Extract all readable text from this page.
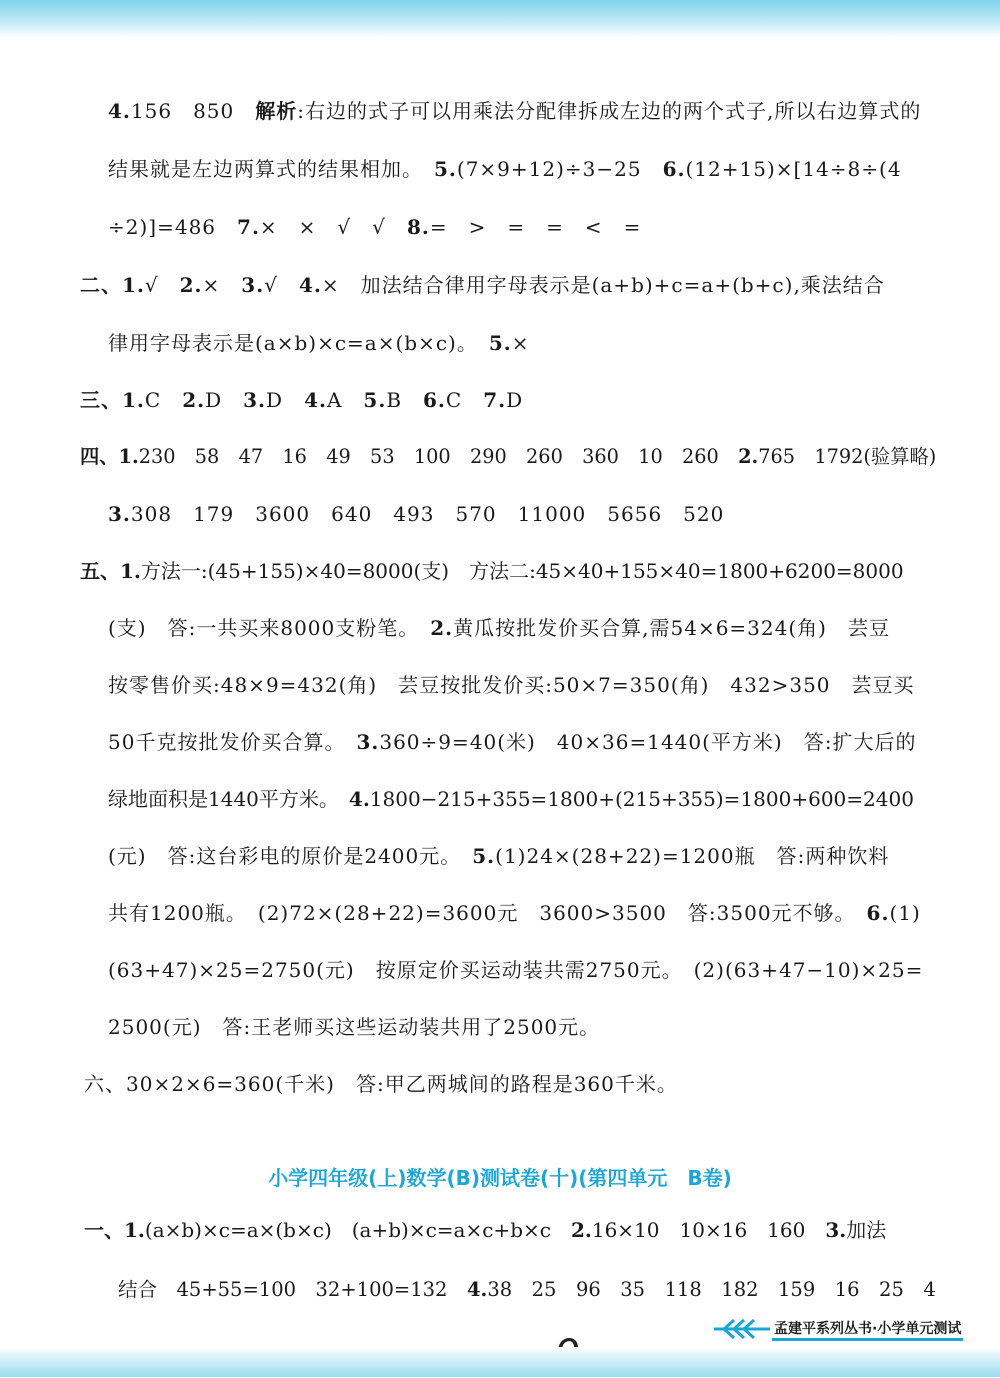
小学四年级(上)数学(B)测试卷(十)(第四单元　B卷)
孟建平系列丛书·小学单元测试
4.156　850　解析:右边的式子可以用乘法分配律拆成左边的两个式子,所以右边算式的
结果就是左边两算式的结果相加。　5.(7×9+12)÷3−25　6.(12+15)×[14÷8÷(4
÷2)]=486　7.×　×　√　√　8.=　>　=　=　<　=
二、1.√　2.×　3.√　4.×　加法结合律用字母表示是(a+b)+c=a+(b+c),乘法结合
律用字母表示是(a×b)×c=a×(b×c)。　5.×
三、1.C　2.D　3.D　4.A　5.B　6.C　7.D
四、1.230　58　47　16　49　53　100　290　260　360　10　260　2.765　1792(验算略)
3.308　179　3600　640　493　570　11000　5656　520
五、1.方法一:(45+155)×40=8000(支)　方法二:45×40+155×40=1800+6200=8000
(支)　答:一共买来8000支粉笔。　2.黄瓜按批发价买合算,需54×6=324(角)　芸豆
按零售价买:48×9=432(角)　芸豆按批发价买:50×7=350(角)　432>350　芸豆买
50千克按批发价买合算。　3.360÷9=40(米)　40×36=1440(平方米)　答:扩大后的
绿地面积是1440平方米。　4.1800−215+355=1800+(215+355)=1800+600=2400
(元)　答:这台彩电的原价是2400元。　5.(1)24×(28+22)=1200瓶　答:两种饮料
共有1200瓶。　(2)72×(28+22)=3600元　3600>3500　答:3500元不够。　6.(1)
(63+47)×25=2750(元)　按原定价买运动装共需2750元。　(2)(63+47−10)×25=
2500(元)　答:王老师买这些运动装共用了2500元。
六、30×2×6=360(千米)　答:甲乙两城间的路程是360千米。
一、1.(a×b)×c=a×(b×c)　(a+b)×c=a×c+b×c　2.16×10　10×16　160　3.加法
结合　45+55=100　32+100=132　4.38　25　96　35　118　182　159　16　25　4
